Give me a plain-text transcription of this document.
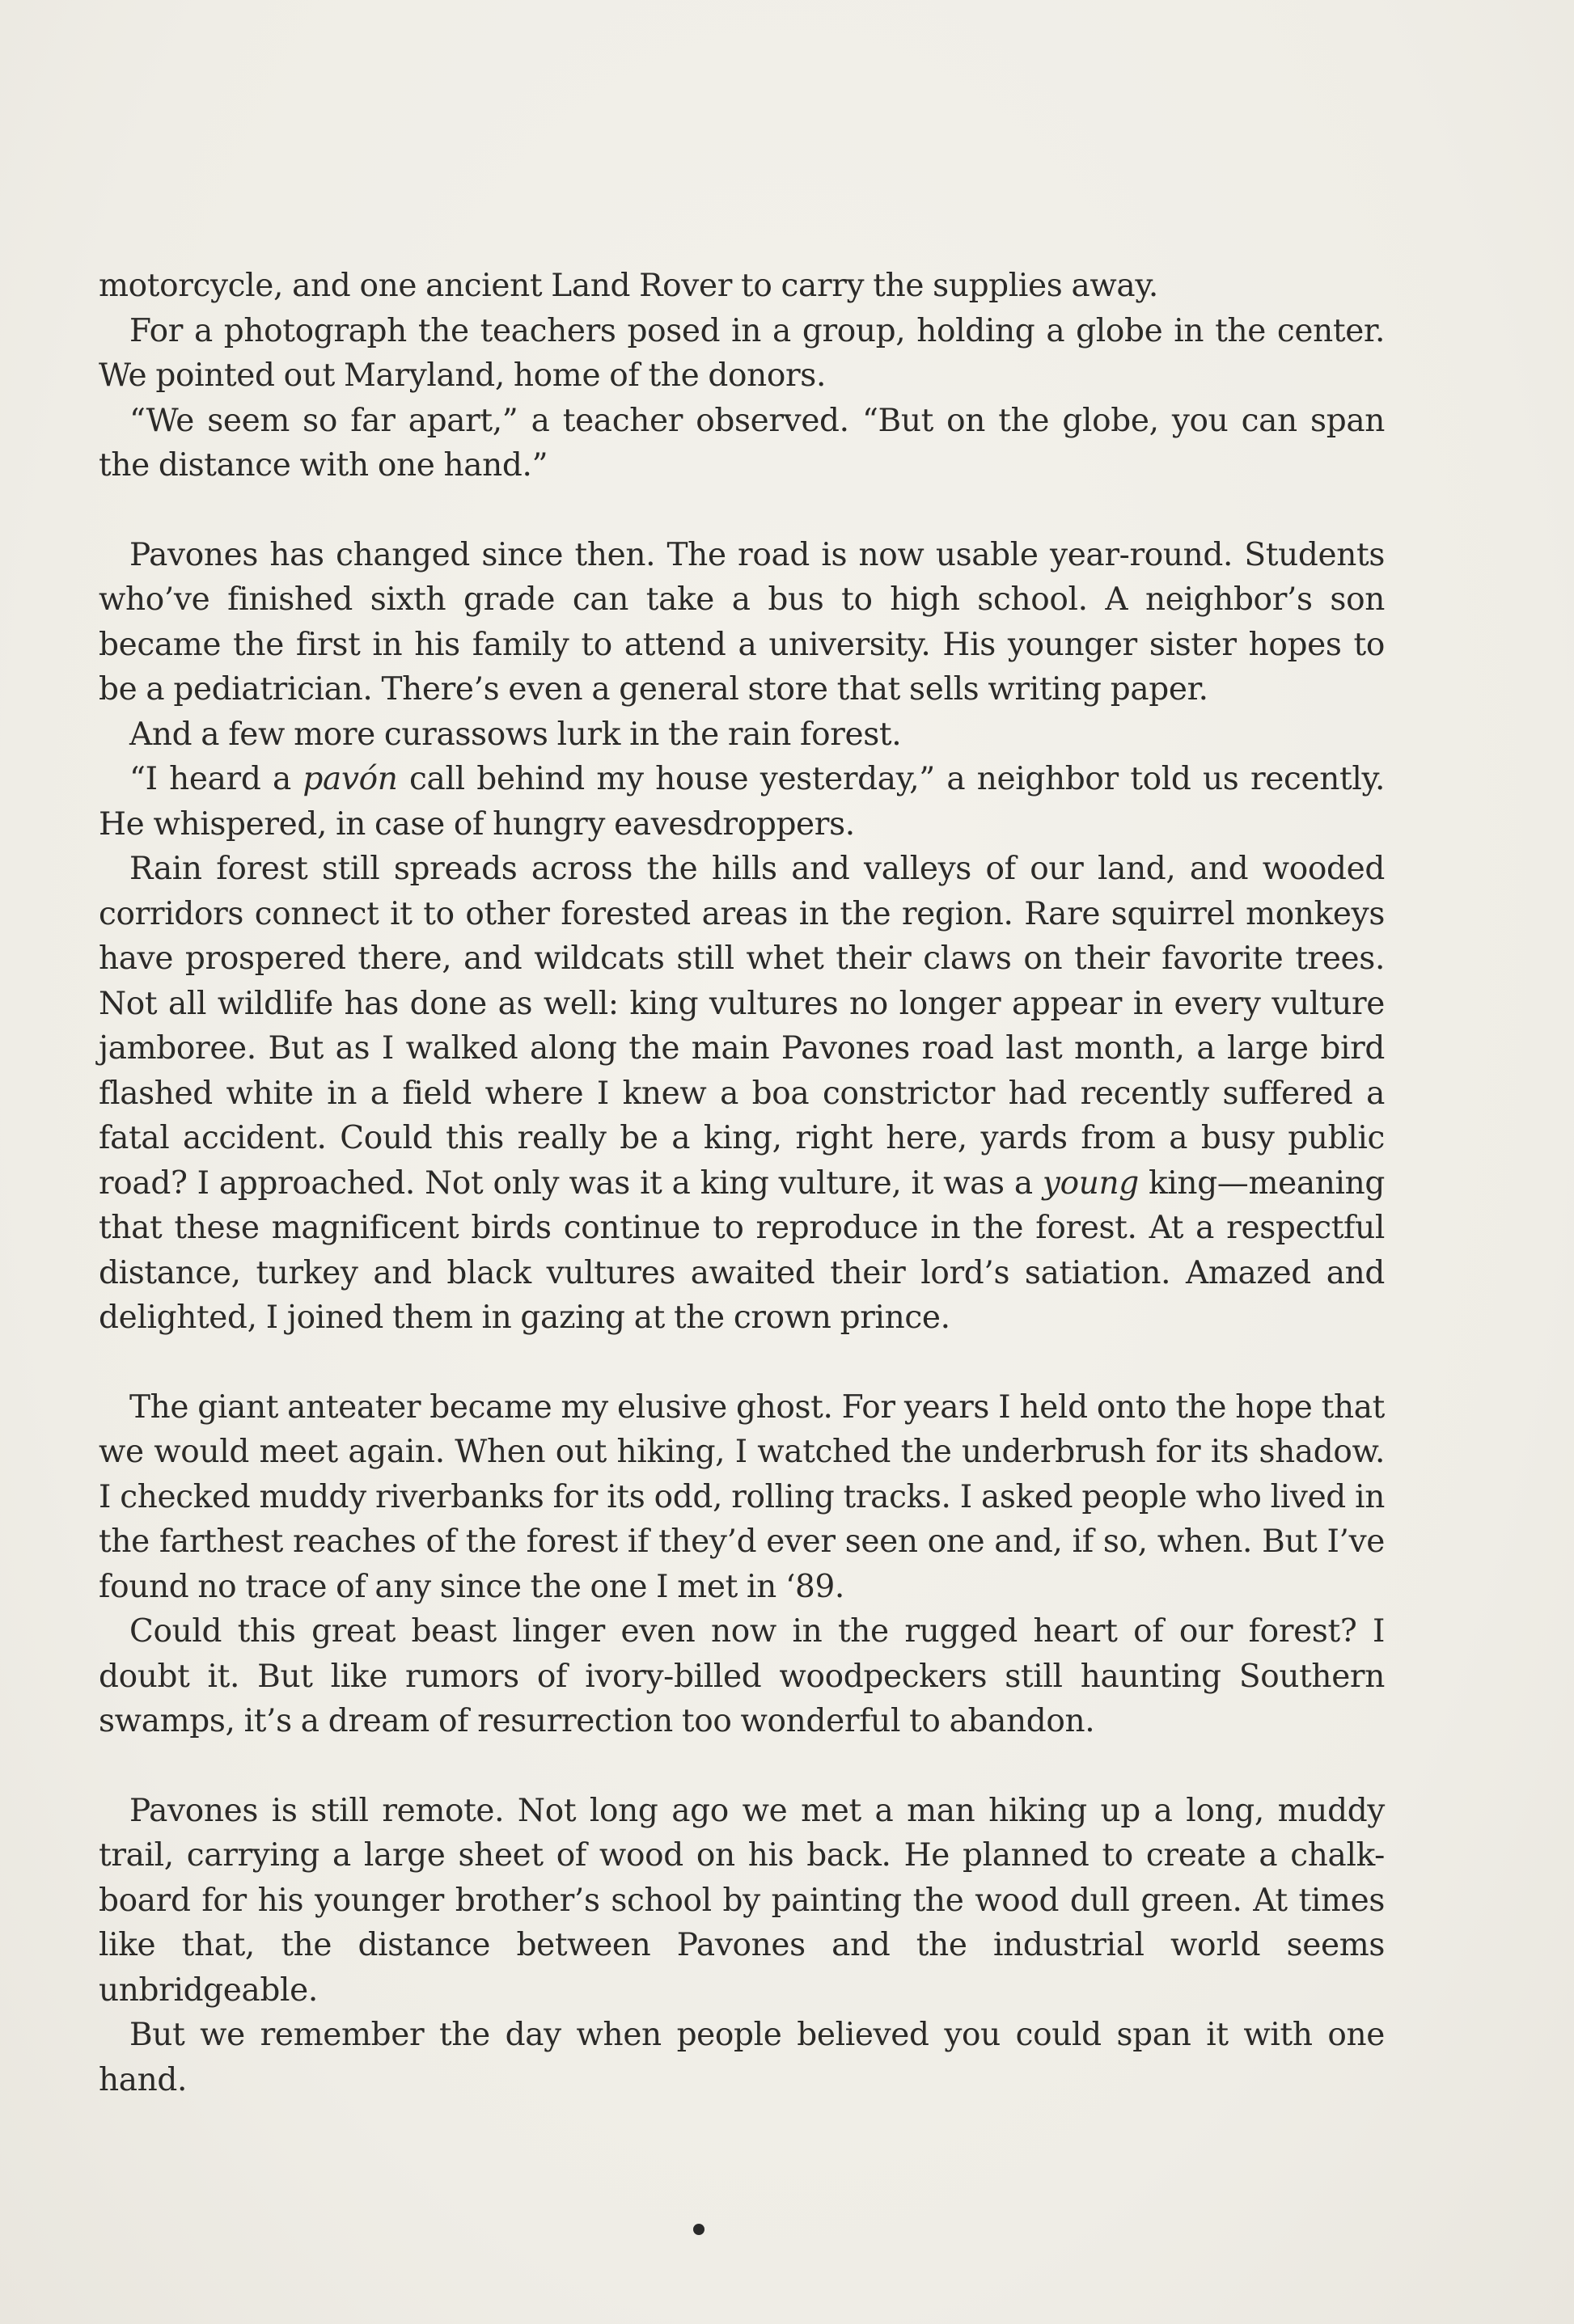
motorcycle, and one ancient Land Rover to carry the supplies away.

For a photograph the teachers posed in a group, holding a globe in the center. We pointed out Maryland, home of the donors.

“We seem so far apart,” a teacher observed. “But on the globe, you can span the distance with one hand.”

Pavones has changed since then. The road is now usable year-round. Students who’ve finished sixth grade can take a bus to high school. A neighbor’s son became the first in his family to attend a university. His younger sister hopes to be a pediatrician. There’s even a general store that sells writing paper.

And a few more curassows lurk in the rain forest.

“I heard a pavón call behind my house yesterday,” a neighbor told us recently. He whispered, in case of hungry eavesdroppers.

Rain forest still spreads across the hills and valleys of our land, and wooded corridors connect it to other forested areas in the region. Rare squirrel monkeys have prospered there, and wildcats still whet their claws on their favorite trees. Not all wildlife has done as well: king vultures no longer appear in every vulture jamboree. But as I walked along the main Pavones road last month, a large bird flashed white in a field where I knew a boa constrictor had recently suffered a fatal accident. Could this really be a king, right here, yards from a busy public road? I approached. Not only was it a king vulture, it was a young king—meaning that these magnificent birds continue to reproduce in the forest. At a respectful distance, turkey and black vultures awaited their lord’s satiation. Amazed and delighted, I joined them in gazing at the crown prince.

The giant anteater became my elusive ghost. For years I held onto the hope that we would meet again. When out hiking, I watched the underbrush for its shadow. I checked muddy riverbanks for its odd, rolling tracks. I asked people who lived in the farthest reaches of the forest if they’d ever seen one and, if so, when. But I’ve found no trace of any since the one I met in ‘89.

Could this great beast linger even now in the rugged heart of our forest? I doubt it. But like rumors of ivory-billed woodpeckers still haunting Southern swamps, it’s a dream of resurrection too wonderful to abandon.

Pavones is still remote. Not long ago we met a man hiking up a long, muddy trail, carrying a large sheet of wood on his back. He planned to create a chalk-board for his younger brother’s school by painting the wood dull green. At times like that, the distance between Pavones and the industrial world seems unbridgeable.

But we remember the day when people believed you could span it with one hand.
